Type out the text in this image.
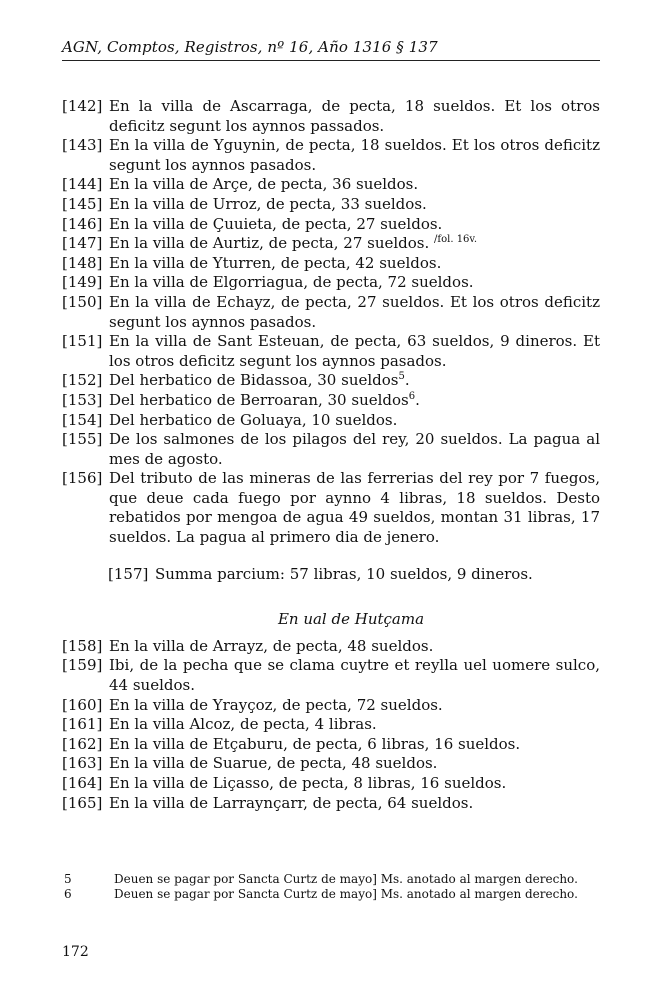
AGN, Comptos, Registros, nº 16, Año 1316 § 137
[142] En la villa de Ascarraga, de pecta, 18 sueldos. Et los otros deficitz segunt los aynnos passados.
[143] En la villa de Yguynin, de pecta, 18 sueldos. Et los otros deficitz segunt los aynnos pasados.
[144] En la villa de Arçe, de pecta, 36 sueldos.
[145] En la villa de Urroz, de pecta, 33 sueldos.
[146] En la villa de Çuuieta, de pecta, 27 sueldos.
[147] En la villa de Aurtiz, de pecta, 27 sueldos. $^{/fol. 16v.}$
[148] En la villa de Yturren, de pecta, 42 sueldos.
[149] En la villa de Elgorriagua, de pecta, 72 sueldos.
[150] En la villa de Echayz, de pecta, 27 sueldos. Et los otros deficitz segunt los aynnos pasados.
[151] En la villa de Sant Esteuan, de pecta, 63 sueldos, 9 dineros. Et los otros deficitz segunt los aynnos pasados.
[152] Del herbatico de Bidassoa, 30 sueldos$^5$.
[153] Del herbatico de Berroaran, 30 sueldos$^6$.
[154] Del herbatico de Goluaya, 10 sueldos.
[155] De los salmones de los pilagos del rey, 20 sueldos. La pagua al mes de agosto.
[156] Del tributo de las mineras de las ferrerias del rey por 7 fuegos, que deue cada fuego por aynno 4 libras, 18 sueldos. Desto rebatidos por mengoa de agua 49 sueldos, montan 31 libras, 17 sueldos. La pagua al primero dia de jenero.
[157] Summa parcium: 57 libras, 10 sueldos, 9 dineros.
En ual de Hutçama
[158] En la villa de Arrayz, de pecta, 48 sueldos.
[159] Ibi, de la pecha que se clama cuytre et reylla uel uomere sulco, 44 sueldos.
[160] En la villa de Yrayçoz, de pecta, 72 sueldos.
[161] En la villa Alcoz, de pecta, 4 libras.
[162] En la villa de Etçaburu, de pecta, 6 libras, 16 sueldos.
[163] En la villa de Suarue, de pecta, 48 sueldos.
[164] En la villa de Liçasso, de pecta, 8 libras, 16 sueldos.
[165] En la villa de Larraynçarr, de pecta, 64 sueldos.
5	Deuen se pagar por Sancta Curtz de mayo] Ms. anotado al margen derecho.
6	Deuen se pagar por Sancta Curtz de mayo] Ms. anotado al margen derecho.
172
